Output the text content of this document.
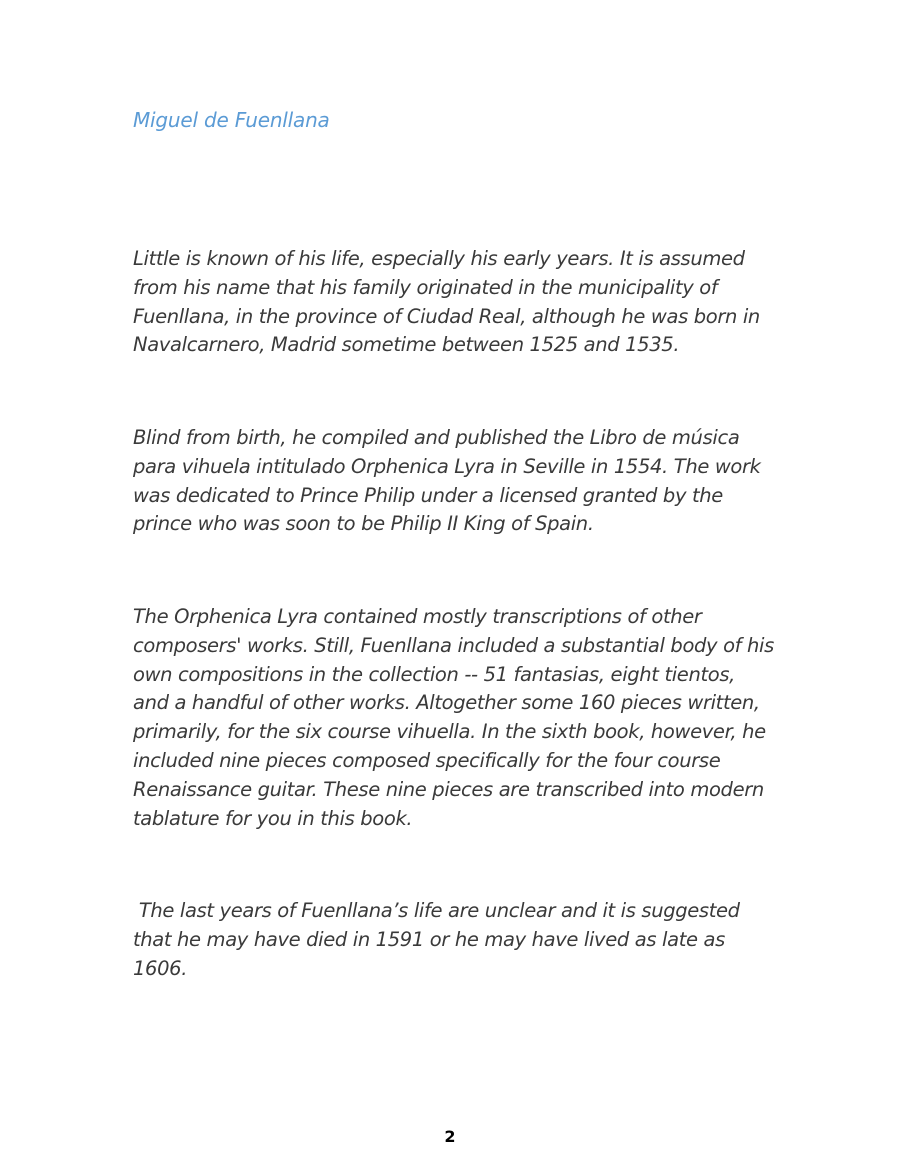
Miguel de Fuenllana
Little is known of his life, especially his early years. It is assumed
from his name that his family originated in the municipality of
Fuenllana, in the province of Ciudad Real, although he was born in
Navalcarnero, Madrid sometime between 1525 and 1535.
Blind from birth, he compiled and published the Libro de música
para vihuela intitulado Orphenica Lyra in Seville in 1554. The work
was dedicated to Prince Philip under a licensed granted by the
prince who was soon to be Philip II King of Spain.
The Orphenica Lyra contained mostly transcriptions of other
composers' works. Still, Fuenllana included a substantial body of his
own compositions in the collection -- 51 fantasias, eight tientos,
and a handful of other works. Altogether some 160 pieces written,
primarily, for the six course vihuella. In the sixth book, however, he
included nine pieces composed specifically for the four course
Renaissance guitar. These nine pieces are transcribed into modern
tablature for you in this book.
The last years of Fuenllana’s life are unclear and it is suggested
that he may have died in 1591 or he may have lived as late as
1606.
2
